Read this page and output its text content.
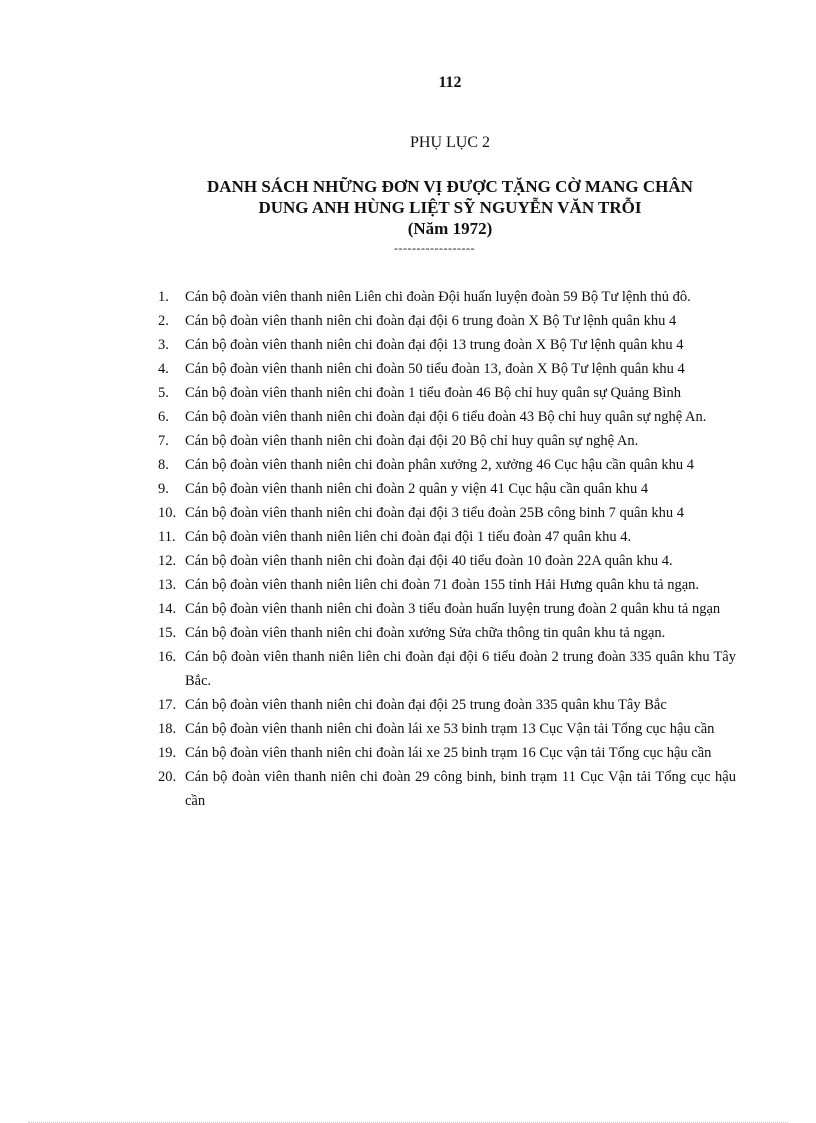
112
PHỤ LỤC 2
DANH SÁCH NHỮNG ĐƠN VỊ ĐƯỢC TẶNG CỜ MANG CHÂN
DUNG ANH HÙNG LIỆT SỸ NGUYỄN VĂN TRỖI
(Năm 1972)
------------------
1.	Cán bộ đoàn viên thanh niên Liên chi đoàn Đội huấn luyện đoàn 59 Bộ Tư lệnh thủ đô.
2.	Cán bộ đoàn viên thanh niên chi đoàn đại đội 6 trung đoàn X Bộ Tư lệnh quân khu 4
3.	Cán bộ đoàn viên thanh niên chi đoàn đại đội 13 trung đoàn X Bộ Tư lệnh quân khu 4
4.	Cán bộ đoàn viên thanh niên chi đoàn 50 tiểu đoàn 13, đoàn X Bộ Tư lệnh quân khu 4
5.	Cán bộ đoàn viên thanh niên chi đoàn 1 tiểu đoàn 46 Bộ chỉ huy quân sự Quảng Bình
6.	Cán bộ đoàn viên thanh niên chi đoàn đại đội 6 tiểu đoàn 43 Bộ chỉ huy quân sự nghệ An.
7.	Cán bộ đoàn viên thanh niên chi đoàn đại đội 20 Bộ chỉ huy quân sự nghệ An.
8.	Cán bộ đoàn viên thanh niên chi đoàn phân xưởng 2, xưởng 46 Cục hậu cần quân khu 4
9.	Cán bộ đoàn viên thanh niên chi đoàn 2 quân y viện 41 Cục hậu cần quân khu 4
10. Cán bộ đoàn viên thanh niên chi đoàn đại đội 3 tiểu đoàn 25B công binh 7 quân khu 4
11. Cán bộ đoàn viên thanh niên liên chi đoàn đại đội 1 tiểu đoàn 47 quân khu 4.
12. Cán bộ đoàn viên thanh niên chi đoàn đại đội 40 tiểu đoàn 10 đoàn 22A quân khu 4.
13. Cán bộ đoàn viên thanh niên liên chi đoàn 71 đoàn 155 tỉnh Hải Hưng quân khu tả ngạn.
14. Cán bộ đoàn viên thanh niên chi đoàn 3 tiểu đoàn huấn luyện trung đoàn 2 quân khu tả ngạn
15. Cán bộ đoàn viên thanh niên chi đoàn xưởng Sửa chữa thông tin quân khu tả ngạn.
16. Cán bộ đoàn viên thanh niên liên chi đoàn đại đội 6 tiểu đoàn 2 trung đoàn 335 quân khu Tây Bắc.
17. Cán bộ đoàn viên thanh niên chi đoàn đại đội 25 trung đoàn 335 quân khu Tây Bắc
18. Cán bộ đoàn viên thanh niên chi đoàn lái xe 53 binh trạm 13 Cục Vận tải Tổng cục hậu cần
19. Cán bộ đoàn viên thanh niên chi đoàn lái xe 25 binh trạm 16 Cục vận tải Tổng cục hậu cần
20. Cán bộ đoàn viên thanh niên chi đoàn 29 công binh, binh trạm 11 Cục Vận tải Tổng cục hậu cần
